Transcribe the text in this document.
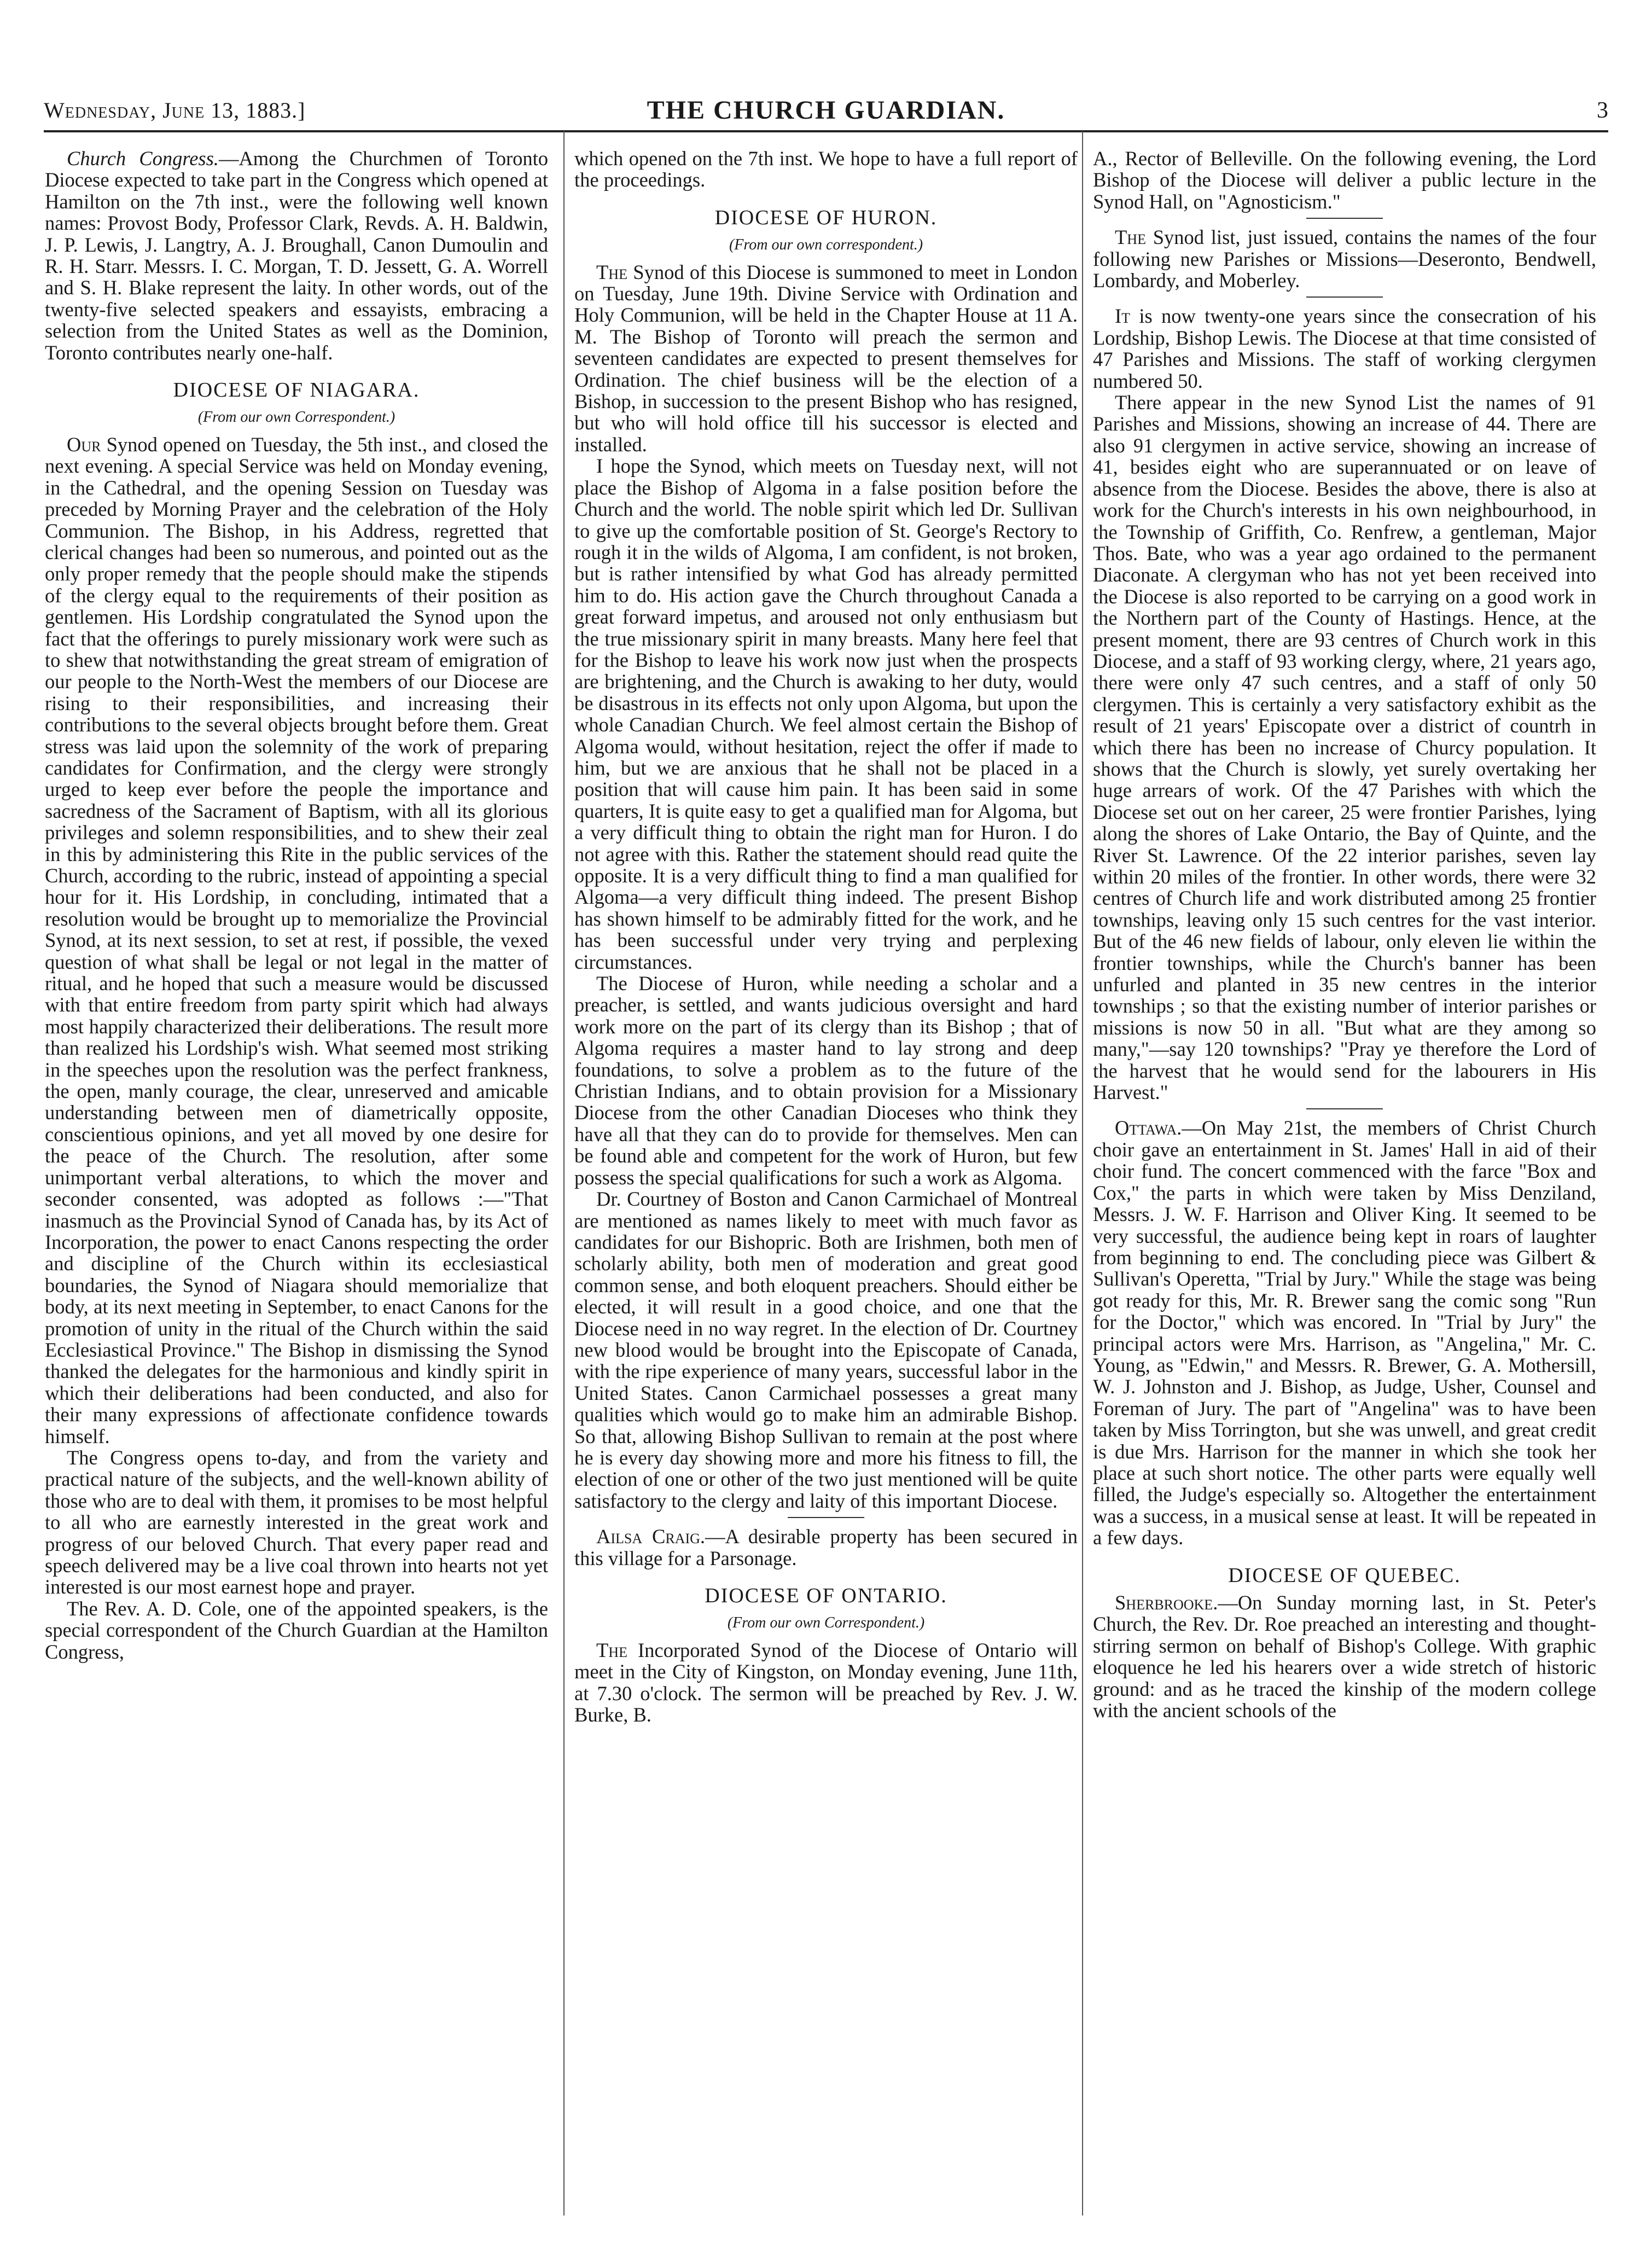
Wednesday, June 13, 1883.]	THE CHURCH GUARDIAN.	3

Church Congress.—Among the Churchmen of Toronto Diocese expected to take part in the Congress which opened at Hamilton on the 7th inst., were the following well known names: Provost Body, Professor Clark, Revds. A. H. Baldwin, J. P. Lewis, J. Langtry, A. J. Broughall, Canon Dumoulin and R. H. Starr. Messrs. I. C. Morgan, T. D. Jessett, G. A. Worrell and S. H. Blake represent the laity. In other words, out of the twenty-five selected speakers and essayists, embracing a selection from the United States as well as the Dominion, Toronto contributes nearly one-half.

DIOCESE OF NIAGARA.
(From our own Correspondent.)

Our Synod opened on Tuesday, the 5th inst., and closed the next evening. A special Service was held on Monday evening, in the Cathedral, and the opening Session on Tuesday was preceded by Morning Prayer and the celebration of the Holy Communion. The Bishop, in his Address, regretted that clerical changes had been so numerous, and pointed out as the only proper remedy that the people should make the stipends of the clergy equal to the requirements of their position as gentlemen. His Lordship congratulated the Synod upon the fact that the offerings to purely missionary work were such as to shew that notwithstanding the great stream of emigration of our people to the North-West the members of our Diocese are rising to their responsibilities, and increasing their contributions to the several objects brought before them. Great stress was laid upon the solemnity of the work of preparing candidates for Confirmation, and the clergy were strongly urged to keep ever before the people the importance and sacredness of the Sacrament of Baptism, with all its glorious privileges and solemn responsibilities, and to shew their zeal in this by administering this Rite in the public services of the Church, according to the rubric, instead of appointing a special hour for it. His Lordship, in concluding, intimated that a resolution would be brought up to memorialize the Provincial Synod, at its next session, to set at rest, if possible, the vexed question of what shall be legal or not legal in the matter of ritual, and he hoped that such a measure would be discussed with that entire freedom from party spirit which had always most happily characterized their deliberations. The result more than realized his Lordship's wish. What seemed most striking in the speeches upon the resolution was the perfect frankness, the open, manly courage, the clear, unreserved and amicable understanding between men of diametrically opposite, conscientious opinions, and yet all moved by one desire for the peace of the Church. The resolution, after some unimportant verbal alterations, to which the mover and seconder consented, was adopted as follows :—"That inasmuch as the Provincial Synod of Canada has, by its Act of Incorporation, the power to enact Canons respecting the order and discipline of the Church within its ecclesiastical boundaries, the Synod of Niagara should memorialize that body, at its next meeting in September, to enact Canons for the promotion of unity in the ritual of the Church within the said Ecclesiastical Province." The Bishop in dismissing the Synod thanked the delegates for the harmonious and kindly spirit in which their deliberations had been conducted, and also for their many expressions of affectionate confidence towards himself.

The Congress opens to-day, and from the variety and practical nature of the subjects, and the well-known ability of those who are to deal with them, it promises to be most helpful to all who are earnestly interested in the great work and progress of our beloved Church. That every paper read and speech delivered may be a live coal thrown into hearts not yet interested is our most earnest hope and prayer.

The Rev. A. D. Cole, one of the appointed speakers, is the special correspondent of the Church Guardian at the Hamilton Congress,

which opened on the 7th inst. We hope to have a full report of the proceedings.

DIOCESE OF HURON.
(From our own correspondent.)

The Synod of this Diocese is summoned to meet in London on Tuesday, June 19th. Divine Service with Ordination and Holy Communion, will be held in the Chapter House at 11 A. M. The Bishop of Toronto will preach the sermon and seventeen candidates are expected to present themselves for Ordination. The chief business will be the election of a Bishop, in succession to the present Bishop who has resigned, but who will hold office till his successor is elected and installed.

I hope the Synod, which meets on Tuesday next, will not place the Bishop of Algoma in a false position before the Church and the world. The noble spirit which led Dr. Sullivan to give up the comfortable position of St. George's Rectory to rough it in the wilds of Algoma, I am confident, is not broken, but is rather intensified by what God has already permitted him to do. His action gave the Church throughout Canada a great forward impetus, and aroused not only enthusiasm but the true missionary spirit in many breasts. Many here feel that for the Bishop to leave his work now just when the prospects are brightening, and the Church is awaking to her duty, would be disastrous in its effects not only upon Algoma, but upon the whole Canadian Church. We feel almost certain the Bishop of Algoma would, without hesitation, reject the offer if made to him, but we are anxious that he shall not be placed in a position that will cause him pain. It has been said in some quarters, It is quite easy to get a qualified man for Algoma, but a very difficult thing to obtain the right man for Huron. I do not agree with this. Rather the statement should read quite the opposite. It is a very difficult thing to find a man qualified for Algoma—a very difficult thing indeed. The present Bishop has shown himself to be admirably fitted for the work, and he has been successful under very trying and perplexing circumstances.

The Diocese of Huron, while needing a scholar and a preacher, is settled, and wants judicious oversight and hard work more on the part of its clergy than its Bishop ; that of Algoma requires a master hand to lay strong and deep foundations, to solve a problem as to the future of the Christian Indians, and to obtain provision for a Missionary Diocese from the other Canadian Dioceses who think they have all that they can do to provide for themselves. Men can be found able and competent for the work of Huron, but few possess the special qualifications for such a work as Algoma.

Dr. Courtney of Boston and Canon Carmichael of Montreal are mentioned as names likely to meet with much favor as candidates for our Bishopric. Both are Irishmen, both men of scholarly ability, both men of moderation and great good common sense, and both eloquent preachers. Should either be elected, it will result in a good choice, and one that the Diocese need in no way regret. In the election of Dr. Courtney new blood would be brought into the Episcopate of Canada, with the ripe experience of many years, successful labor in the United States. Canon Carmichael possesses a great many qualities which would go to make him an admirable Bishop. So that, allowing Bishop Sullivan to remain at the post where he is every day showing more and more his fitness to fill, the election of one or other of the two just mentioned will be quite satisfactory to the clergy and laity of this important Diocese.

Ailsa Craig.—A desirable property has been secured in this village for a Parsonage.

DIOCESE OF ONTARIO.
(From our own Correspondent.)

The Incorporated Synod of the Diocese of Ontario will meet in the City of Kingston, on Monday evening, June 11th, at 7.30 o'clock. The sermon will be preached by Rev. J. W. Burke, B.

A., Rector of Belleville. On the following evening, the Lord Bishop of the Diocese will deliver a public lecture in the Synod Hall, on "Agnosticism."

The Synod list, just issued, contains the names of the four following new Parishes or Missions—Deseronto, Bendwell, Lombardy, and Moberley.

It is now twenty-one years since the consecration of his Lordship, Bishop Lewis. The Diocese at that time consisted of 47 Parishes and Missions. The staff of working clergymen numbered 50.

There appear in the new Synod List the names of 91 Parishes and Missions, showing an increase of 44. There are also 91 clergymen in active service, showing an increase of 41, besides eight who are superannuated or on leave of absence from the Diocese. Besides the above, there is also at work for the Church's interests in his own neighbourhood, in the Township of Griffith, Co. Renfrew, a gentleman, Major Thos. Bate, who was a year ago ordained to the permanent Diaconate. A clergyman who has not yet been received into the Diocese is also reported to be carrying on a good work in the Northern part of the County of Hastings. Hence, at the present moment, there are 93 centres of Church work in this Diocese, and a staff of 93 working clergy, where, 21 years ago, there were only 47 such centres, and a staff of only 50 clergymen. This is certainly a very satisfactory exhibit as the result of 21 years' Episcopate over a district of countrh in which there has been no increase of Churcy population. It shows that the Church is slowly, yet surely overtaking her huge arrears of work. Of the 47 Parishes with which the Diocese set out on her career, 25 were frontier Parishes, lying along the shores of Lake Ontario, the Bay of Quinte, and the River St. Lawrence. Of the 22 interior parishes, seven lay within 20 miles of the frontier. In other words, there were 32 centres of Church life and work distributed among 25 frontier townships, leaving only 15 such centres for the vast interior. But of the 46 new fields of labour, only eleven lie within the frontier townships, while the Church's banner has been unfurled and planted in 35 new centres in the interior townships ; so that the existing number of interior parishes or missions is now 50 in all. "But what are they among so many,"—say 120 townships? "Pray ye therefore the Lord of the harvest that he would send for the labourers in His Harvest."

Ottawa.—On May 21st, the members of Christ Church choir gave an entertainment in St. James' Hall in aid of their choir fund. The concert commenced with the farce "Box and Cox," the parts in which were taken by Miss Denziland, Messrs. J. W. F. Harrison and Oliver King. It seemed to be very successful, the audience being kept in roars of laughter from beginning to end. The concluding piece was Gilbert & Sullivan's Operetta, "Trial by Jury." While the stage was being got ready for this, Mr. R. Brewer sang the comic song "Run for the Doctor," which was encored. In "Trial by Jury" the principal actors were Mrs. Harrison, as "Angelina," Mr. C. Young, as "Edwin," and Messrs. R. Brewer, G. A. Mothersill, W. J. Johnston and J. Bishop, as Judge, Usher, Counsel and Foreman of Jury. The part of "Angelina" was to have been taken by Miss Torrington, but she was unwell, and great credit is due Mrs. Harrison for the manner in which she took her place at such short notice. The other parts were equally well filled, the Judge's especially so. Altogether the entertainment was a success, in a musical sense at least. It will be repeated in a few days.

DIOCESE OF QUEBEC.

Sherbrooke.—On Sunday morning last, in St. Peter's Church, the Rev. Dr. Roe preached an interesting and thought-stirring sermon on behalf of Bishop's College. With graphic eloquence he led his hearers over a wide stretch of historic ground: and as he traced the kinship of the modern college with the ancient schools of the
